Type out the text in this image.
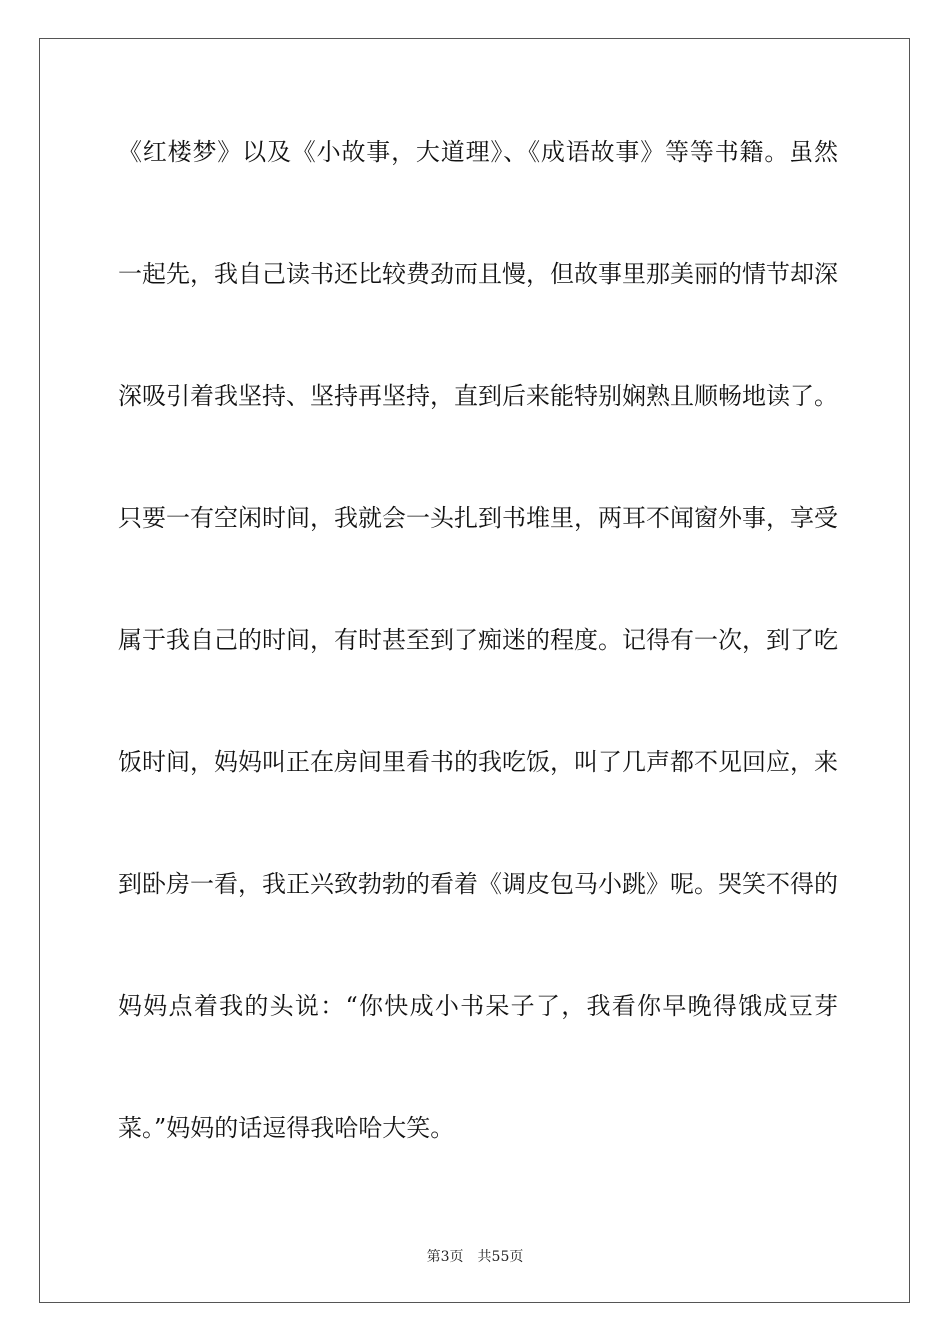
《红楼梦》以及《小故事，大道理》、《成语故事》等等书籍。虽然
一起先，我自己读书还比较费劲而且慢，但故事里那美丽的情节却深
深吸引着我坚持、坚持再坚持，直到后来能特别娴熟且顺畅地读了。
只要一有空闲时间，我就会一头扎到书堆里，两耳不闻窗外事，享受
属于我自己的时间，有时甚至到了痴迷的程度。记得有一次，到了吃
饭时间，妈妈叫正在房间里看书的我吃饭，叫了几声都不见回应，来
到卧房一看，我正兴致勃勃的看着《调皮包马小跳》呢。哭笑不得的
妈妈点着我的头说：“你快成小书呆子了，我看你早晚得饿成豆芽
菜。”妈妈的话逗得我哈哈大笑。
第3页 共55页
